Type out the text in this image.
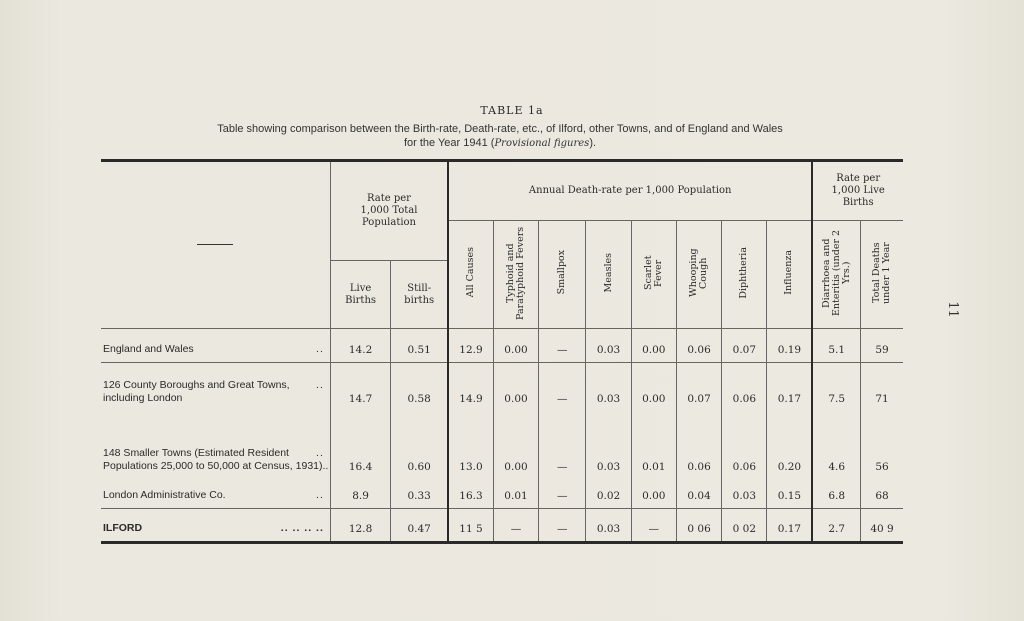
TABLE 1a
Table showing comparison between the Birth-rate, Death-rate, etc., of Ilford, other Towns, and of England and Wales
for the Year 1941 (Provisional figures).
11

	Rate per 1,000 Total Population		Annual Death-rate per 1,000 Population								Rate per 1,000 Live Births	

			All Causes	Typhoid and Paratyphoid Fevers	Smallpox	Measles	Scarlet Fever	Whooping Cough	Diphtheria	Influenza	Diarrhoea and Enteritis (under 2 Yrs.)	Total Deaths under 1 Year

	Live Births	Still-births										

..
England and Wales	14.2	0.51	12.9	0.00	—	0.03	0.00	0.06	0.07	0.19	5.1	59

..
126 County Boroughs and Great Towns, including London	14.7	0.58	14.9	0.00	—	0.03	0.00	0.07	0.06	0.17	7.5	71

..
148 Smaller Towns (Estimated Resident Populations 25,000 to 50,000 at Census, 1931)..	16.4	0.60	13.0	0.00	—	0.03	0.01	0.06	0.06	0.20	4.6	56

..
London Administrative Co.	8.9	0.33	16.3	0.01	—	0.02	0.00	0.04	0.03	0.15	6.8	68

.. .. .. ..
ILFORD	12.8	0.47	11 5	—	—	0.03	—	0 06	0 02	0.17	2.7	40 9
